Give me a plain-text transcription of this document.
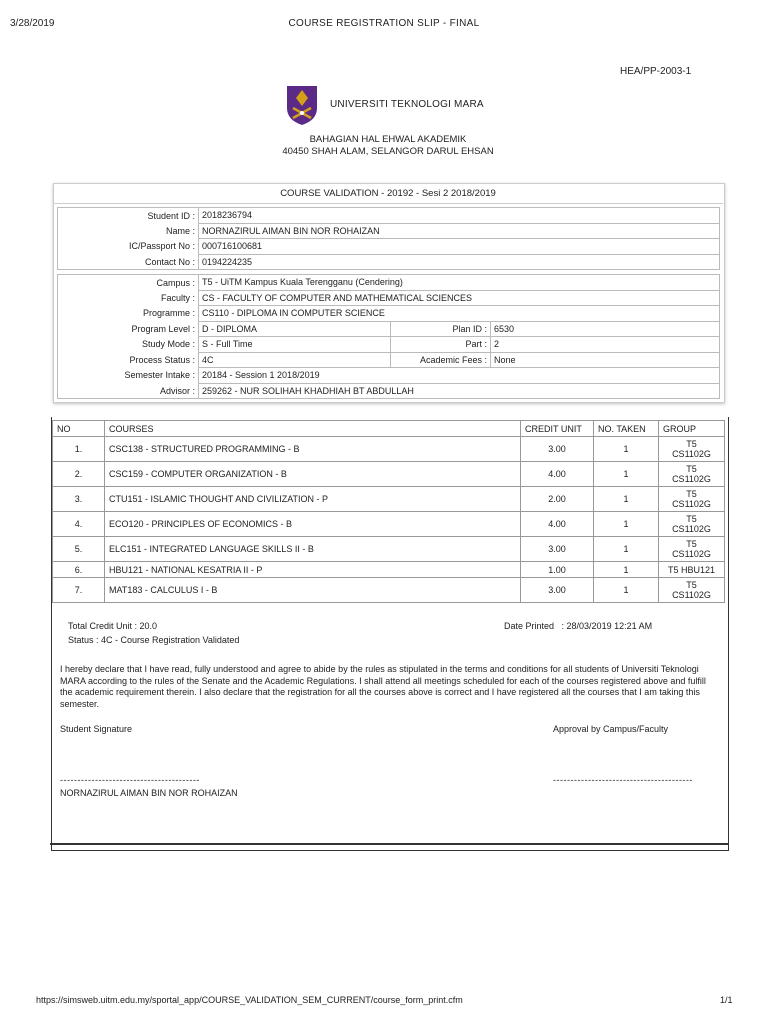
3/28/2019	COURSE REGISTRATION SLIP - FINAL
HEA/PP-2003-1
UNIVERSITI TEKNOLOGI MARA
BAHAGIAN HAL EHWAL AKADEMIK
40450 SHAH ALAM, SELANGOR DARUL EHSAN
COURSE VALIDATION - 20192 - Sesi 2 2018/2019
Student ID :	2018236794
Name :	NORNAZIRUL AIMAN BIN NOR ROHAIZAN
IC/Passport No :	000716100681
Contact No :	0194224235
Campus :	T5 - UiTM Kampus Kuala Terengganu (Cendering)		
Faculty :	CS - FACULTY OF COMPUTER AND MATHEMATICAL SCIENCES		
Programme :	CS110 - DIPLOMA IN COMPUTER SCIENCE		
Program Level :	D - DIPLOMA	Plan ID :	6530
Study Mode :	S - Full Time	Part :	2
Process Status :	4C	Academic Fees :	None
Semester Intake :	20184 - Session 1 2018/2019		
Advisor :	259262 - NUR SOLIHAH KHADHIAH BT ABDULLAH		
NO	COURSES	CREDIT UNIT	NO. TAKEN	GROUP
1.	CSC138 - STRUCTURED PROGRAMMING - B	3.00	1	T5
CS1102G
2.	CSC159 - COMPUTER ORGANIZATION - B	4.00	1	T5
CS1102G
3.	CTU151 - ISLAMIC THOUGHT AND CIVILIZATION - P	2.00	1	T5
CS1102G
4.	ECO120 - PRINCIPLES OF ECONOMICS - B	4.00	1	T5
CS1102G
5.	ELC151 - INTEGRATED LANGUAGE SKILLS II - B	3.00	1	T5
CS1102G
6.	HBU121 - NATIONAL KESATRIA II - P	1.00	1	T5 HBU121
7.	MAT183 - CALCULUS I - B	3.00	1	T5
CS1102G
Total Credit Unit : 20.0
Status : 4C - Course Registration Validated
Date Printed   : 28/03/2019 12:21 AM
I hereby declare that I have read, fully understood and agree to abide by the rules as stipulated in the terms and conditions for all students of Universiti Teknologi MARA according to the rules of the Senate and the Academic Regulations. I shall attend all meetings scheduled for each of the courses registered above and fulfill the academic requirement therein. I also declare that the registration for all the courses above is correct and I have registered all the courses that I am taking this semester.
Student Signature	Approval by Campus/Faculty
----------------------------------------	----------------------------------------
NORNAZIRUL AIMAN BIN NOR ROHAIZAN
https://simsweb.uitm.edu.my/sportal_app/COURSE_VALIDATION_SEM_CURRENT/course_form_print.cfm	1/1
